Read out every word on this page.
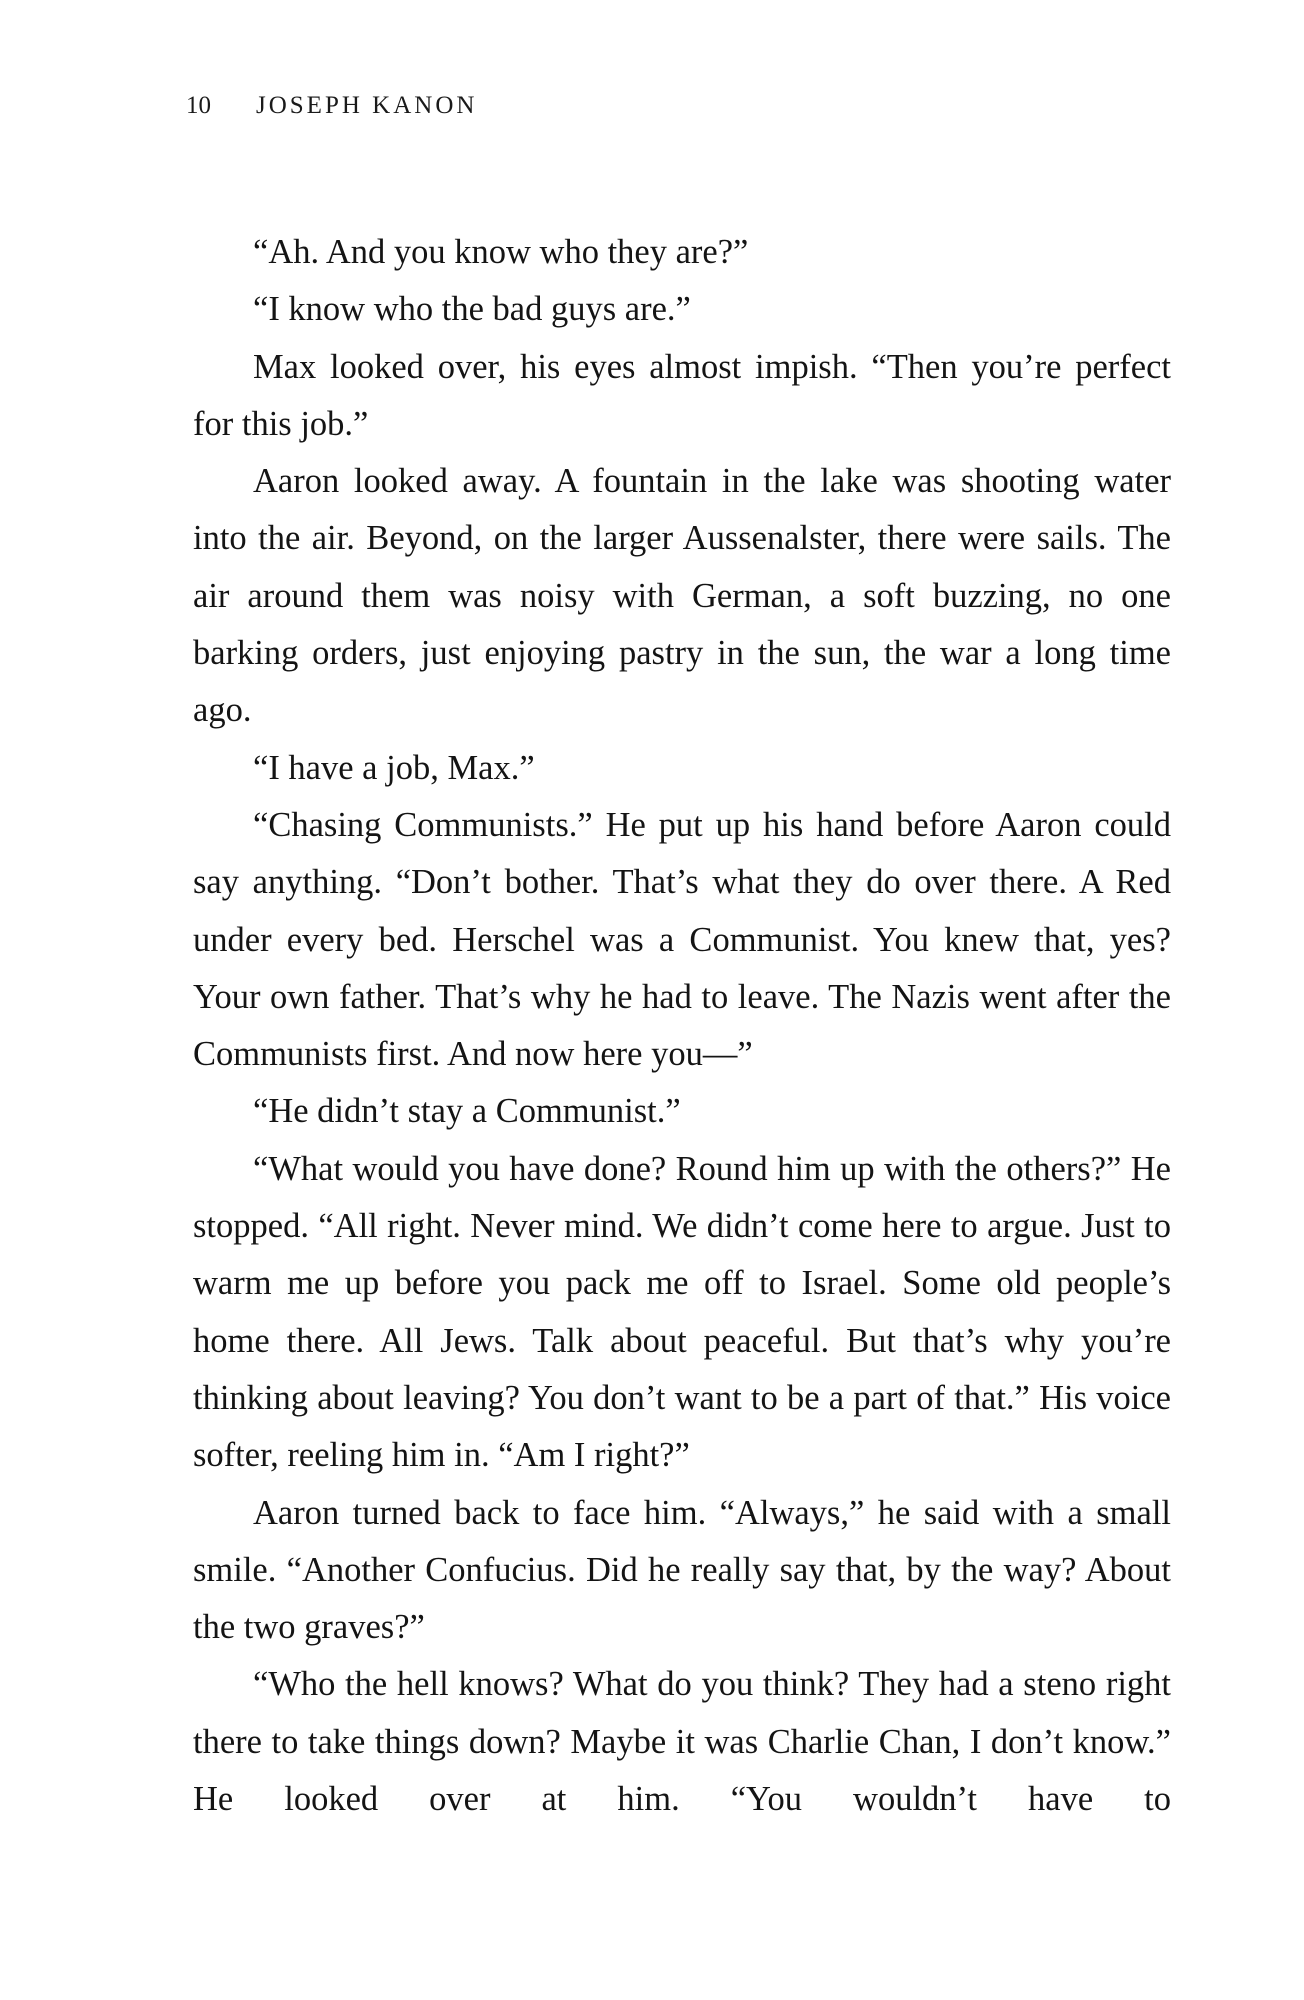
10 JOSEPH KANON

“Ah. And you know who they are?”

“I know who the bad guys are.”

Max looked over, his eyes almost impish. “Then you’re perfect for this job.”

Aaron looked away. A fountain in the lake was shooting water into the air. Beyond, on the larger Aussenalster, there were sails. The air around them was noisy with German, a soft buzzing, no one barking orders, just enjoying pastry in the sun, the war a long time ago.

“I have a job, Max.”

“Chasing Communists.” He put up his hand before Aaron could say anything. “Don’t bother. That’s what they do over there. A Red under every bed. Herschel was a Communist. You knew that, yes? Your own father. That’s why he had to leave. The Nazis went after the Communists first. And now here you—”

“He didn’t stay a Communist.”

“What would you have done? Round him up with the others?” He stopped. “All right. Never mind. We didn’t come here to argue. Just to warm me up before you pack me off to Israel. Some old people’s home there. All Jews. Talk about peaceful. But that’s why you’re thinking about leaving? You don’t want to be a part of that.” His voice softer, reeling him in. “Am I right?”

Aaron turned back to face him. “Always,” he said with a small smile. “Another Confucius. Did he really say that, by the way? About the two graves?”

“Who the hell knows? What do you think? They had a steno right there to take things down? Maybe it was Charlie Chan, I don’t know.” He looked over at him. “You wouldn’t have to
